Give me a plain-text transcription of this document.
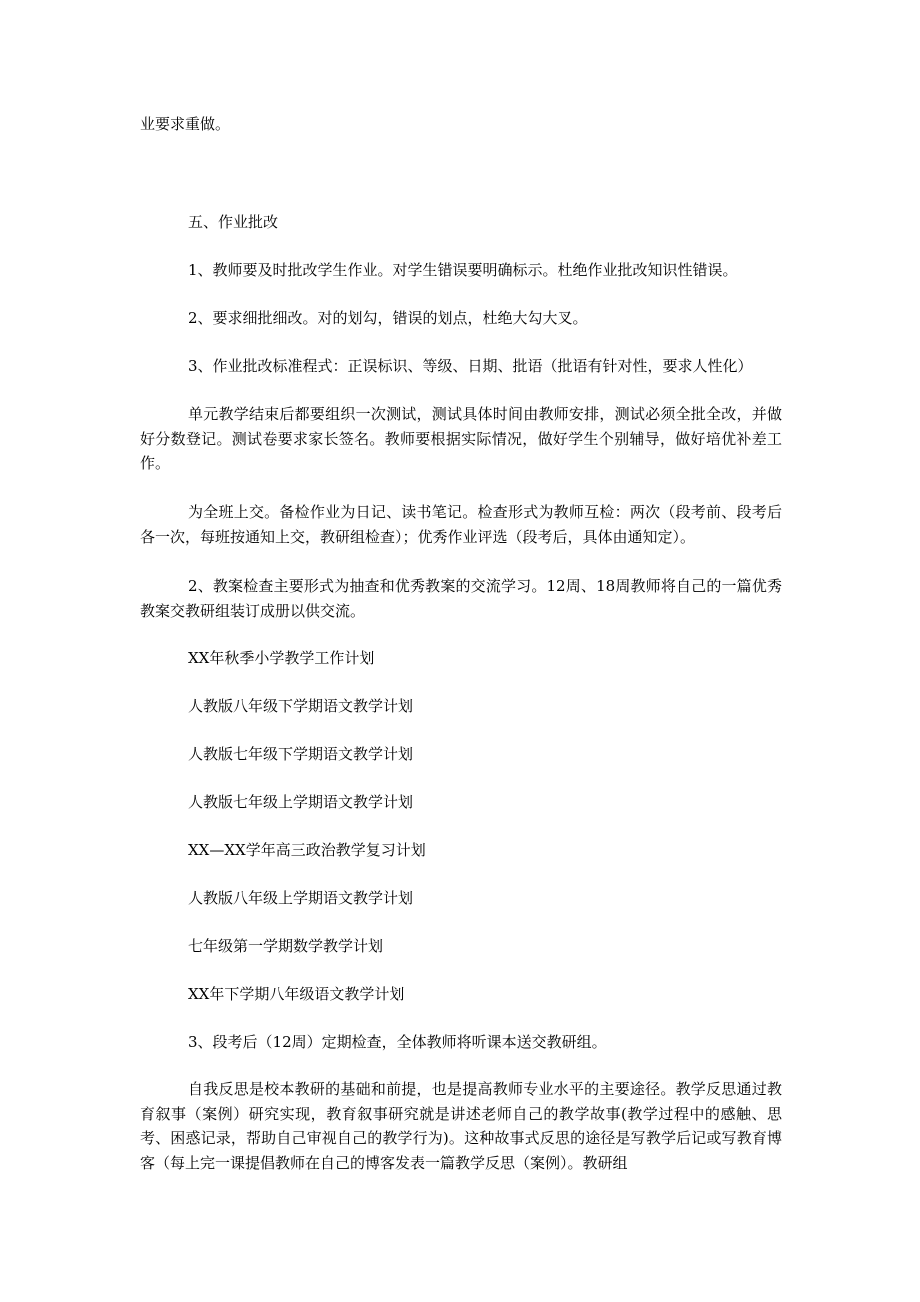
业要求重做。
五、作业批改
1、教师要及时批改学生作业。对学生错误要明确标示。杜绝作业批改知识性错误。
2、要求细批细改。对的划勾，错误的划点，杜绝大勾大叉。
3、作业批改标准程式：正误标识、等级、日期、批语（批语有针对性，要求人性化）
单元教学结束后都要组织一次测试，测试具体时间由教师安排，测试必须全批全改，并做好分数登记。测试卷要求家长签名。教师要根据实际情况，做好学生个别辅导，做好培优补差工作。
为全班上交。备检作业为日记、读书笔记。检查形式为教师互检：两次（段考前、段考后各一次，每班按通知上交，教研组检查）；优秀作业评选（段考后，具体由通知定）。
2、教案检查主要形式为抽查和优秀教案的交流学习。12周、18周教师将自己的一篇优秀教案交教研组装订成册以供交流。
XX年秋季小学教学工作计划
人教版八年级下学期语文教学计划
人教版七年级下学期语文教学计划
人教版七年级上学期语文教学计划
XX—XX学年高三政治教学复习计划
人教版八年级上学期语文教学计划
七年级第一学期数学教学计划
XX年下学期八年级语文教学计划
3、段考后（12周）定期检查，全体教师将听课本送交教研组。
自我反思是校本教研的基础和前提，也是提高教师专业水平的主要途径。教学反思通过教育叙事（案例）研究实现，教育叙事研究就是讲述老师自己的教学故事(教学过程中的感触、思考、困惑记录，帮助自己审视自己的教学行为)。这种故事式反思的途径是写教学后记或写教育博客（每上完一课提倡教师在自己的博客发表一篇教学反思（案例）。教研组
